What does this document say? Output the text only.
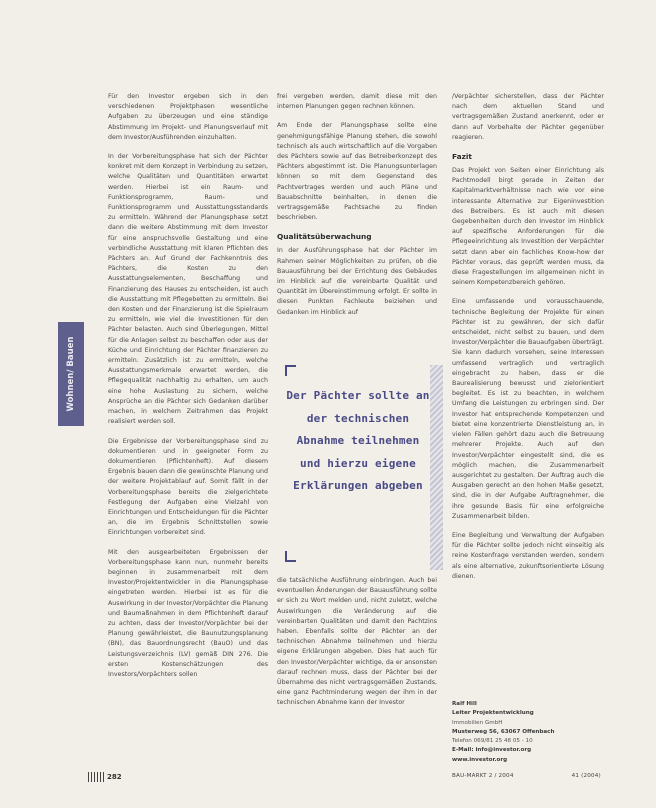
Wohnen/ Bauen

Für den Investor ergeben sich in den verschiedenen Projektphasen wesentliche Aufgaben zu überzeugen und eine ständige Abstimmung im Projekt- und Planungsverlauf mit dem Investor/Ausführenden einzuhalten.

In der Vorbereitungsphase hat sich der Pächter konkret mit dem Konzept in Verbindung zu setzen, welche Qualitäten und Quantitäten erwartet werden. Hierbei ist ein Raum- und Funktionsprogramm, Raum- und Funktionsprogramm und Ausstattungsstandards zu ermitteln. Während der Planungsphase setzt dann die weitere Abstimmung mit dem Investor für eine anspruchsvolle Gestaltung und eine verbindliche Ausstattung mit klaren Pflichten des Pächters an. Auf Grund der Fachkenntnis des Pächters, die Kosten zu den Ausstattungselementen, Beschaffung und Finanzierung des Hauses zu entscheiden, ist auch die Ausstattung mit Pflegebetten zu ermitteln. Bei den Kosten und der Finanzierung ist die Spielraum zu ermitteln, wie viel die Investitionen für den Pächter belasten. Auch sind Überlegungen, Mittel für die Anlagen selbst zu beschaffen oder aus der Küche und Einrichtung der Pächter finanzieren zu ermitteln. Zusätzlich ist zu ermitteln, welche Ausstattungsmerkmale erwartet werden, die Pflegequalität nachhaltig zu erhalten, um auch eine hohe Auslastung zu sichern, welche Ansprüche an die Pächter sich Gedanken darüber machen, in welchem Zeitrahmen das Projekt realisiert werden soll.

Die Ergebnisse der Vorbereitungsphase sind zu dokumentieren und in geeigneter Form zu dokumentieren (Pflichtenheft). Auf diesem Ergebnis bauen dann die gewünschte Planung und der weitere Projektablauf auf. Somit fällt in der Vorbereitungsphase bereits die zielgerichtete Festlegung der Aufgaben eine Vielzahl von Einrichtungen und Entscheidungen für die Pächter an, die im Ergebnis Schnittstellen sowie Einrichtungen vorbereitet sind.

Mit den ausgearbeiteten Ergebnissen der Vorbereitungsphase kann nun, nunmehr bereits beginnen in zusammenarbeit mit dem Investor/Projektentwickler in die Planungsphase eingetreten werden. Hierbei ist es für die Auswirkung in der Investor/Vorpächter die Planung und Baumaßnahmen in dem Pflichtenheft darauf zu achten, dass der Investor/Vorpächter bei der Planung gewährleistet, die Baunutzungsplanung (BN), das Bauordnungsrecht (BauO) und das Leistungsverzeichnis (LV) gemäß DIN 276. Die ersten Kostenschätzungen des Investors/Vorpächters sollen

frei vergeben werden, damit diese mit den internen Planungen gegen rechnen können.

Am Ende der Planungsphase sollte eine genehmigungsfähige Planung stehen, die sowohl technisch als auch wirtschaftlich auf die Vorgaben des Pächters sowie auf das Betreiberkonzept des Pächters abgestimmt ist. Die Planungsunterlagen können so mit dem Gegenstand des Pachtvertrages werden und auch Pläne und Bauabschnitte beinhalten, in denen die vertragsgemäße Pachtsache zu finden beschrieben.

Qualitätsüberwachung

In der Ausführungsphase hat der Pächter im Rahmen seiner Möglichkeiten zu prüfen, ob die Bauausführung bei der Errichtung des Gebäudes im Hinblick auf die vereinbarte Qualität und Quantität im Übereinstimmung erfolgt. Er sollte in diesen Punkten Fachleute beiziehen und Gedanken im Hinblick auf

Der Pächter sollte an der technischen Abnahme teilnehmen und hierzu eigene Erklärungen abgeben

die tatsächliche Ausführung einbringen. Auch bei eventuellen Änderungen der Bauausführung sollte er sich zu Wort melden und, nicht zuletzt, welche Auswirkungen die Veränderung auf die vereinbarten Qualitäten und damit den Pachtzins haben. Ebenfalls sollte der Pächter an der technischen Abnahme teilnehmen und hierzu eigene Erklärungen abgeben. Dies hat auch für den Investor/Verpächter wichtige, da er ansonsten darauf rechnen muss, dass der Pächter bei der Übernahme des nicht vertragsgemäßen Zustands, eine ganz Pachtminderung wegen der ihm in der technischen Abnahme kann der Investor

/Verpächter sicherstellen, dass der Pächter nach dem aktuellen Stand und vertragsgemäßen Zustand anerkennt, oder er dann auf Vorbehalte der Pächter gegenüber reagieren.

Fazit

Das Projekt von Seiten einer Einrichtung als Pachtmodell birgt gerade in Zeiten der Kapitalmarktverhältnisse nach wie vor eine interessante Alternative zur Eigeninvestition des Betreibers. Es ist auch mit diesen Gegebenheiten durch den Investor im Hinblick auf spezifische Anforderungen für die Pflegeeinrichtung als Investition der Verpächter setzt dann aber ein fachliches Know-how der Pächter voraus, das geprüft werden muss, da diese Fragestellungen im allgemeinen nicht in seinem Kompetenzbereich gehören.

Eine umfassende und vorausschauende, technische Begleitung der Projekte für einen Pächter ist zu gewähren, der sich dafür entscheidet, nicht selbst zu bauen, und dem Investor/Verpächter die Bauaufgaben überträgt. Sie kann dadurch vorsehen, seine Interessen umfassend vertraglich und vertraglich eingebracht zu haben, dass er die Baurealisierung bewusst und zielorientiert begleitet. Es ist zu beachten, in welchem Umfang die Leistungen zu erbringen sind. Der Investor hat entsprechende Kompetenzen und bietet eine konzentrierte Dienstleistung an, in vielen Fällen gehört dazu auch die Betreuung mehrerer Projekte. Auch auf den Investor/Verpächter eingestellt sind, die es möglich machen, die Zusammenarbeit ausgerichtet zu gestalten. Der Auftrag auch die Ausgaben gerecht an den hohen Maße gesetzt, sind, die in der Aufgabe Auftragnehmer, die ihre gesunde Basis für eine erfolgreiche Zusammenarbeit bilden.

Eine Begleitung und Verwaltung der Aufgaben für die Pächter sollte jedoch nicht einseitig als reine Kostenfrage verstanden werden, sondern als eine alternative, zukunftsorientierte Lösung dienen.

Ralf Hill
Leiter Projektentwicklung
Immobilien GmbH
Musterweg 56, 63067 Offenbach
Telefon 069/81 25 48 05 - 10
E-Mail: info@investor.org
www.investor.org
282	BAU-MARKT 2 / 2004	41 (2004)
